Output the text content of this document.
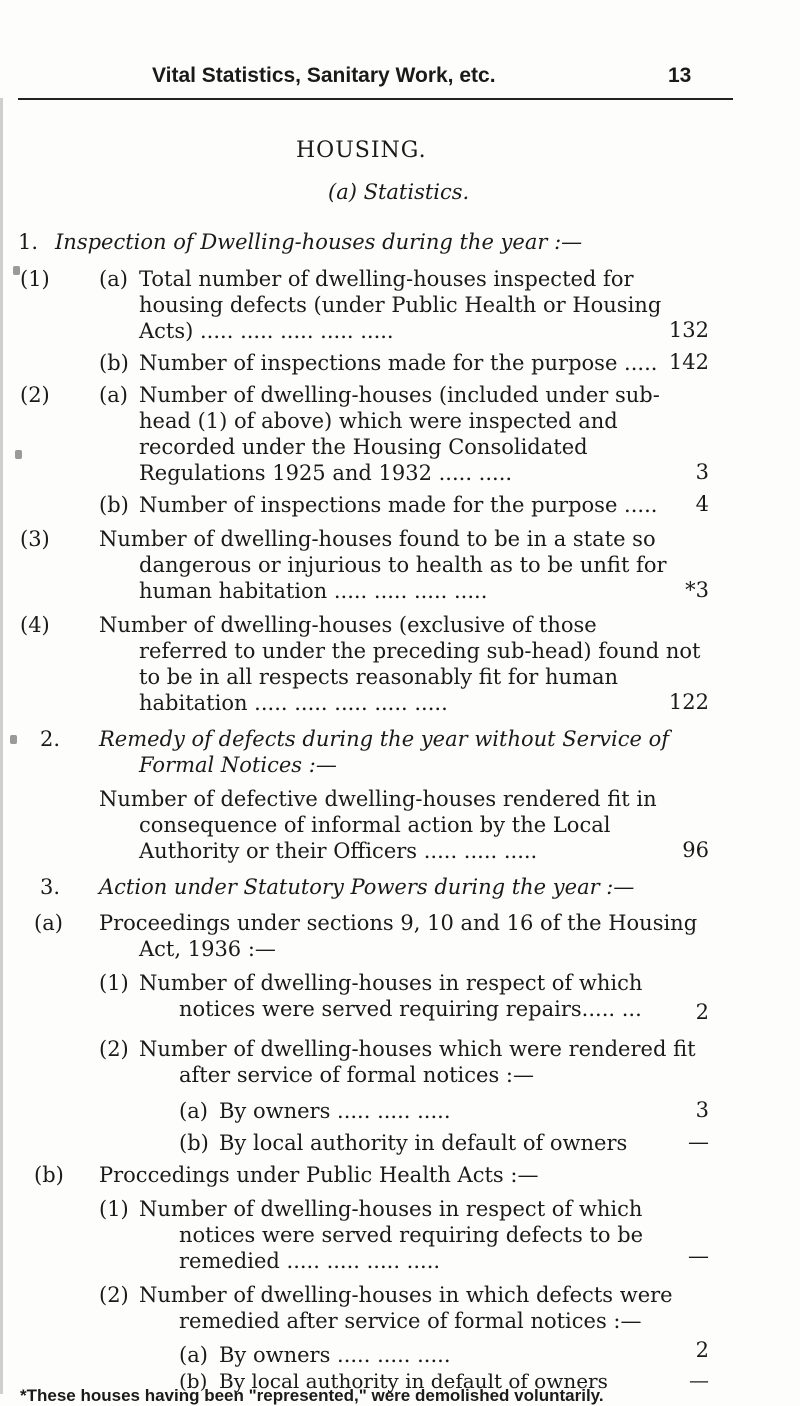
Vital Statistics, Sanitary Work, etc.	13
HOUSING.
(a) Statistics.
1. Inspection of Dwelling-houses during the year :—
(1) (a) Total number of dwelling-houses inspected for
housing defects (under Public Health or Housing
Acts) ..... ..... ..... ..... .....	132
(b) Number of inspections made for the purpose ..... 142
(2) (a) Number of dwelling-houses (included under sub-
head (1) of above) which were inspected and
recorded under the Housing Consolidated
Regulations 1925 and 1932 ..... .....	3
(b) Number of inspections made for the purpose .....	4
(3) Number of dwelling-houses found to be in a state so
dangerous or injurious to health as to be unfit for
human habitation ..... ..... ..... .....	*3
(4) Number of dwelling-houses (exclusive of those
referred to under the preceding sub-head) found not
to be in all respects reasonably fit for human
habitation ..... ..... ..... ..... .....	122
2. Remedy of defects during the year without Service of
Formal Notices :—
Number of defective dwelling-houses rendered fit in
consequence of informal action by the Local
Authority or their Officers ..... ..... .....	96
3. Action under Statutory Powers during the year :—
(a) Proceedings under sections 9, 10 and 16 of the Housing
Act, 1936 :—
(1) Number of dwelling-houses in respect of which
notices were served requiring repairs..... ...	2
(2) Number of dwelling-houses which were rendered fit
after service of formal notices :—
(a) By owners ..... ..... .....	3
(b) By local authority in default of owners	—
(b) Proccedings under Public Health Acts :—
(1) Number of dwelling-houses in respect of which
notices were served requiring defects to be
remedied ..... ..... ..... .....	—
(2) Number of dwelling-houses in which defects were
remedied after service of formal notices :—
(a) By owners ..... ..... .....	2
(b) By local authority in default of owners	—
*These houses having been "represented," were demolished voluntarily.
